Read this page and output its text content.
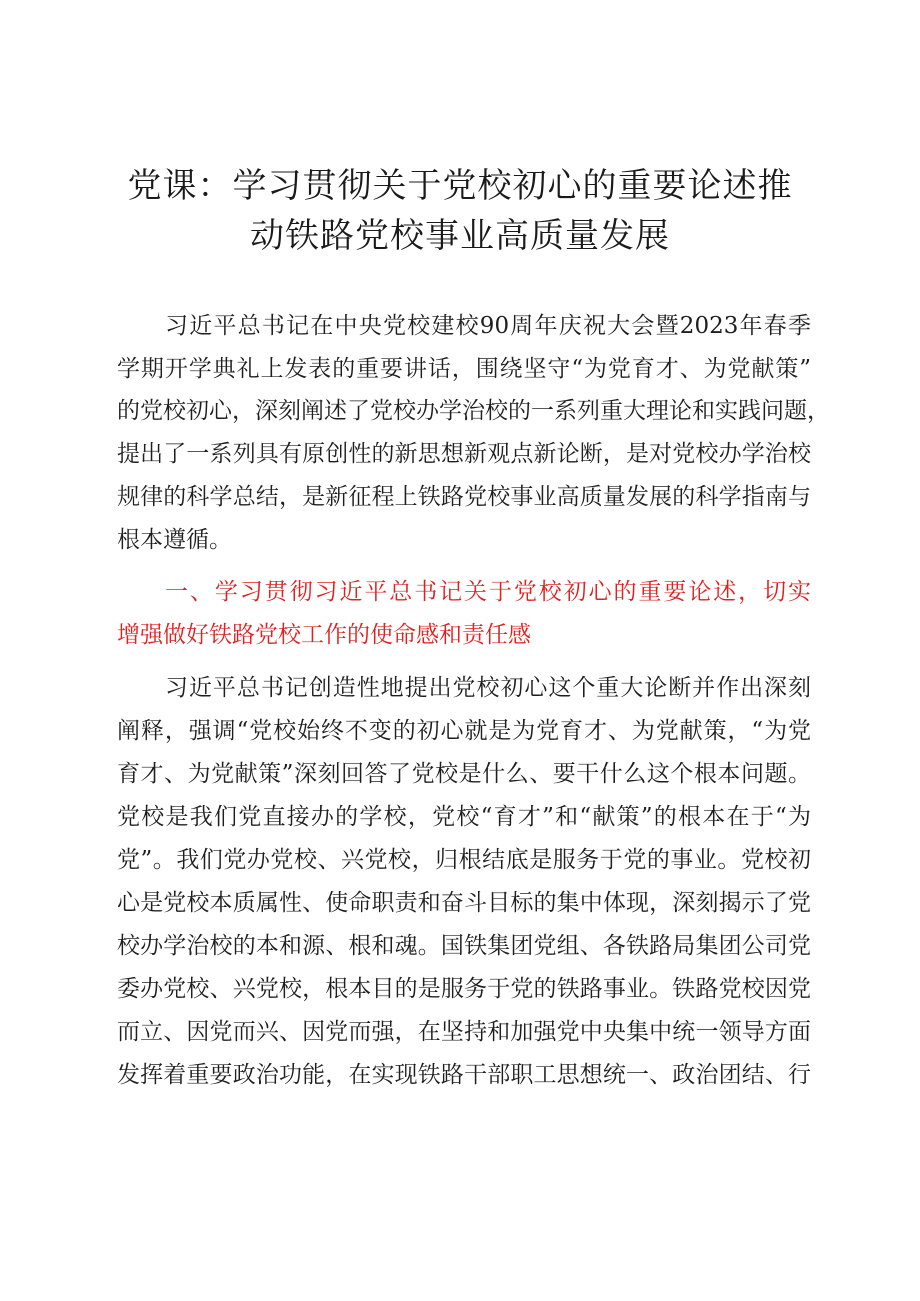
党课：学习贯彻关于党校初心的重要论述推
动铁路党校事业高质量发展
习近平总书记在中央党校建校90周年庆祝大会暨2023年春季
学期开学典礼上发表的重要讲话，围绕坚守“为党育才、为党献策”
的党校初心，深刻阐述了党校办学治校的一系列重大理论和实践问题，
提出了一系列具有原创性的新思想新观点新论断，是对党校办学治校
规律的科学总结，是新征程上铁路党校事业高质量发展的科学指南与
根本遵循。
一、学习贯彻习近平总书记关于党校初心的重要论述，切实
增强做好铁路党校工作的使命感和责任感
习近平总书记创造性地提出党校初心这个重大论断并作出深刻
阐释，强调“党校始终不变的初心就是为党育才、为党献策，“为党
育才、为党献策”深刻回答了党校是什么、要干什么这个根本问题。
党校是我们党直接办的学校，党校“育才”和“献策”的根本在于“为
党”。我们党办党校、兴党校，归根结底是服务于党的事业。党校初
心是党校本质属性、使命职责和奋斗目标的集中体现，深刻揭示了党
校办学治校的本和源、根和魂。国铁集团党组、各铁路局集团公司党
委办党校、兴党校，根本目的是服务于党的铁路事业。铁路党校因党
而立、因党而兴、因党而强，在坚持和加强党中央集中统一领导方面
发挥着重要政治功能，在实现铁路干部职工思想统一、政治团结、行
